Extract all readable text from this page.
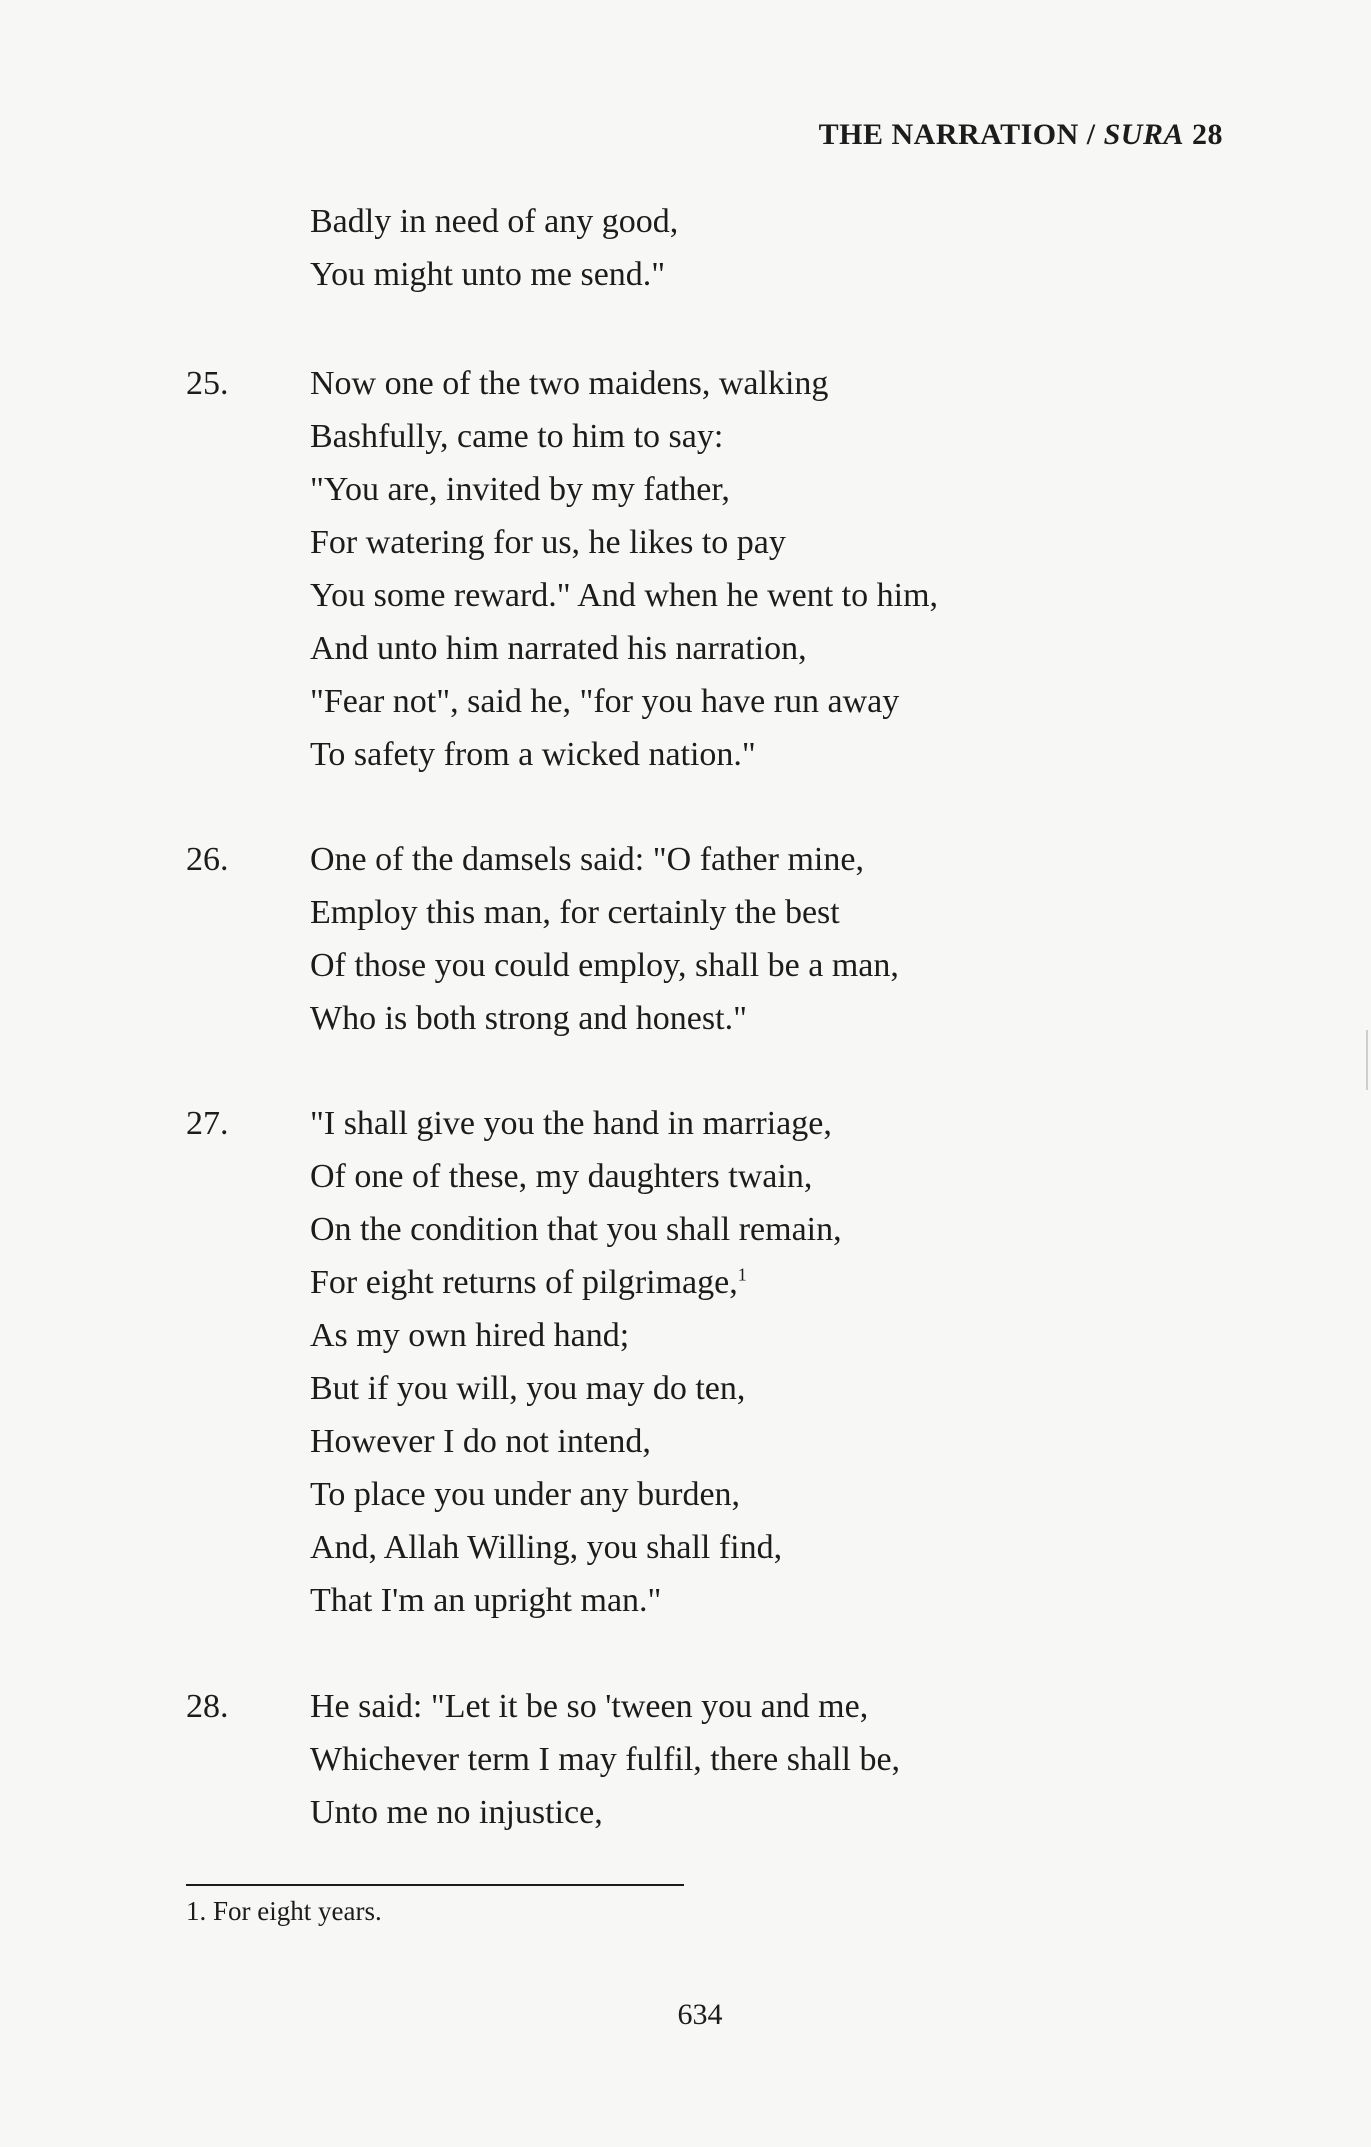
THE NARRATION / SURA 28
Badly in need of any good,
You might unto me send."
25. Now one of the two maidens, walking
Bashfully, came to him to say:
"You are, invited by my father,
For watering for us, he likes to pay
You some reward." And when he went to him,
And unto him narrated his narration,
"Fear not", said he, "for you have run away
To safety from a wicked nation."
26. One of the damsels said: "O father mine,
Employ this man, for certainly the best
Of those you could employ, shall be a man,
Who is both strong and honest."
27. "I shall give you the hand in marriage,
Of one of these, my daughters twain,
On the condition that you shall remain,
For eight returns of pilgrimage,$^1$
As my own hired hand;
But if you will, you may do ten,
However I do not intend,
To place you under any burden,
And, Allah Willing, you shall find,
That I'm an upright man."
28. He said: "Let it be so 'tween you and me,
Whichever term I may fulfil, there shall be,
Unto me no injustice,
1. For eight years.
634
